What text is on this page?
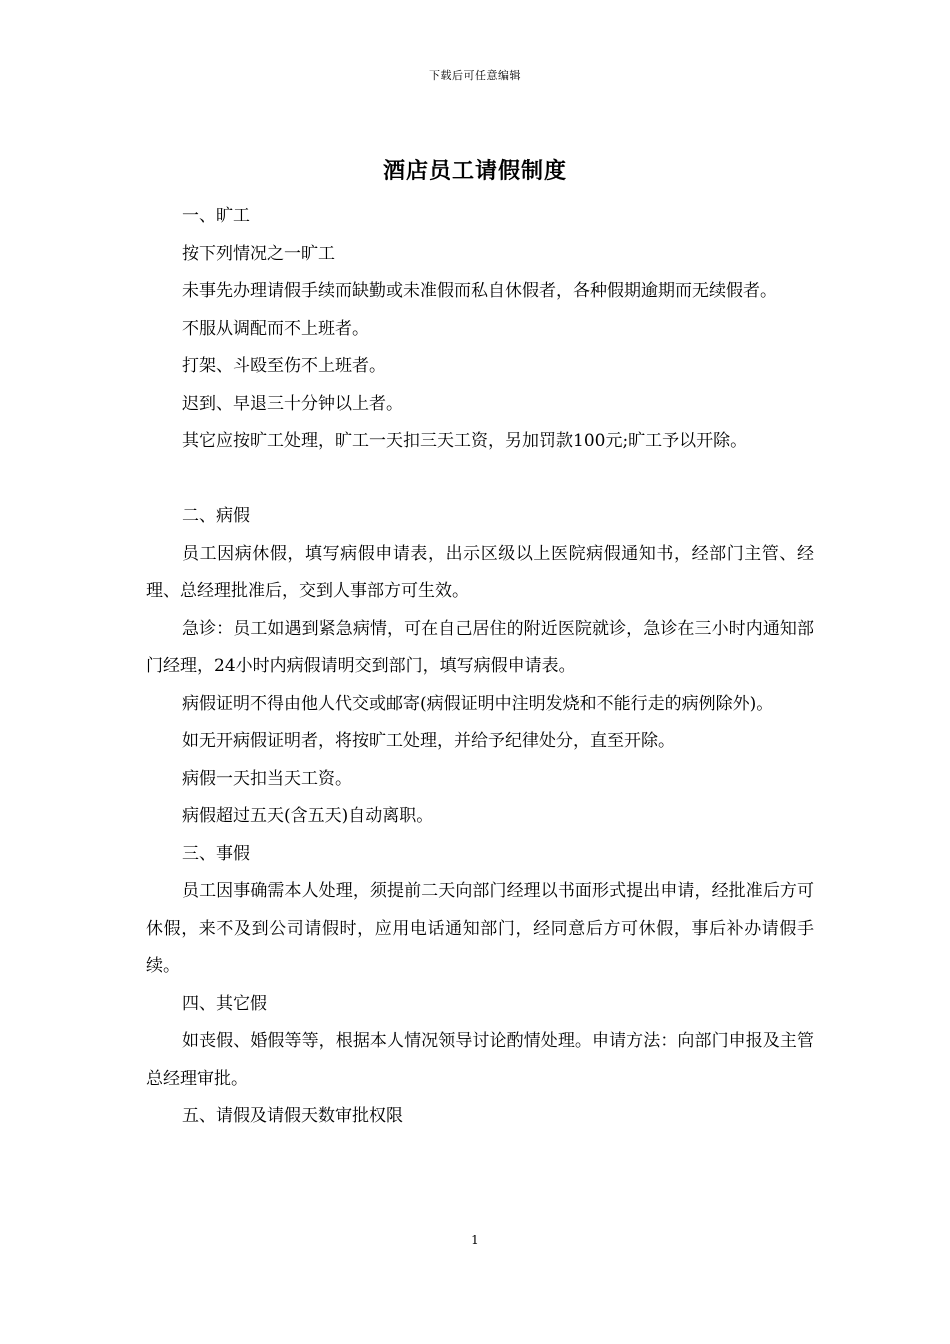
下载后可任意编辑
酒店员工请假制度

一、旷工

按下列情况之一旷工

未事先办理请假手续而缺勤或未准假而私自休假者，各种假期逾期而无续假者。

不服从调配而不上班者。

打架、斗殴至伤不上班者。

迟到、早退三十分钟以上者。

其它应按旷工处理，旷工一天扣三天工资，另加罚款100元;旷工予以开除。

二、病假

员工因病休假，填写病假申请表，出示区级以上医院病假通知书，经部门主管、经理、总经理批准后，交到人事部方可生效。

急诊：员工如遇到紧急病情，可在自己居住的附近医院就诊，急诊在三小时内通知部门经理，24小时内病假请明交到部门，填写病假申请表。

病假证明不得由他人代交或邮寄(病假证明中注明发烧和不能行走的病例除外)。

如无开病假证明者，将按旷工处理，并给予纪律处分，直至开除。

病假一天扣当天工资。

病假超过五天(含五天)自动离职。

三、事假

员工因事确需本人处理，须提前二天向部门经理以书面形式提出申请，经批准后方可休假，来不及到公司请假时，应用电话通知部门，经同意后方可休假，事后补办请假手续。

四、其它假

如丧假、婚假等等，根据本人情况领导讨论酌情处理。申请方法：向部门申报及主管总经理审批。

五、请假及请假天数审批权限

1
